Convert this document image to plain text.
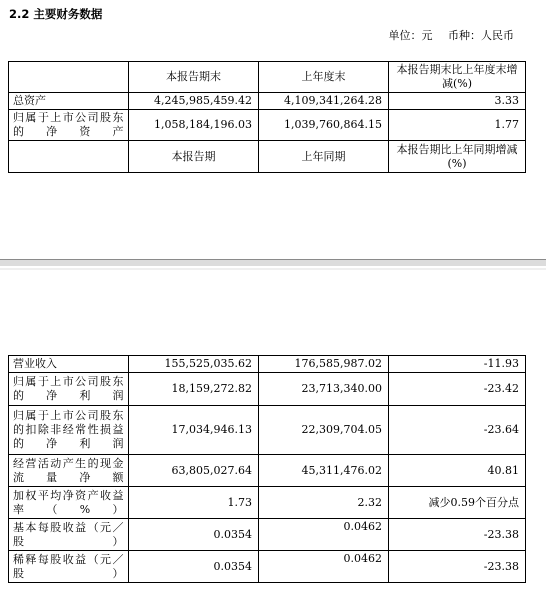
2.2 主要财务数据
单位：元 币种：人民币
	本报告期末	上年度末	本报告期末比上年度末增减(%)
总资产	4,245,985,459.42	4,109,341,264.28	3.33
归属于上市公司股东的净资产	1,058,184,196.03	1,039,760,864.15	1.77
	本报告期	上年同期	本报告期比上年同期增减(%)
营业收入	155,525,035.62	176,585,987.02	-11.93
归属于上市公司股东的净利润	18,159,272.82	23,713,340.00	-23.42
归属于上市公司股东的扣除非经常性损益的净利润	17,034,946.13	22,309,704.05	-23.64
经营活动产生的现金流量净额	63,805,027.64	45,311,476.02	40.81
加权平均净资产收益率（%）	1.73	2.32	减少0.59个百分点
基本每股收益（元／股）	0.0354	0.0462	-23.38
稀释每股收益（元／股）	0.0354	0.0462	-23.38
